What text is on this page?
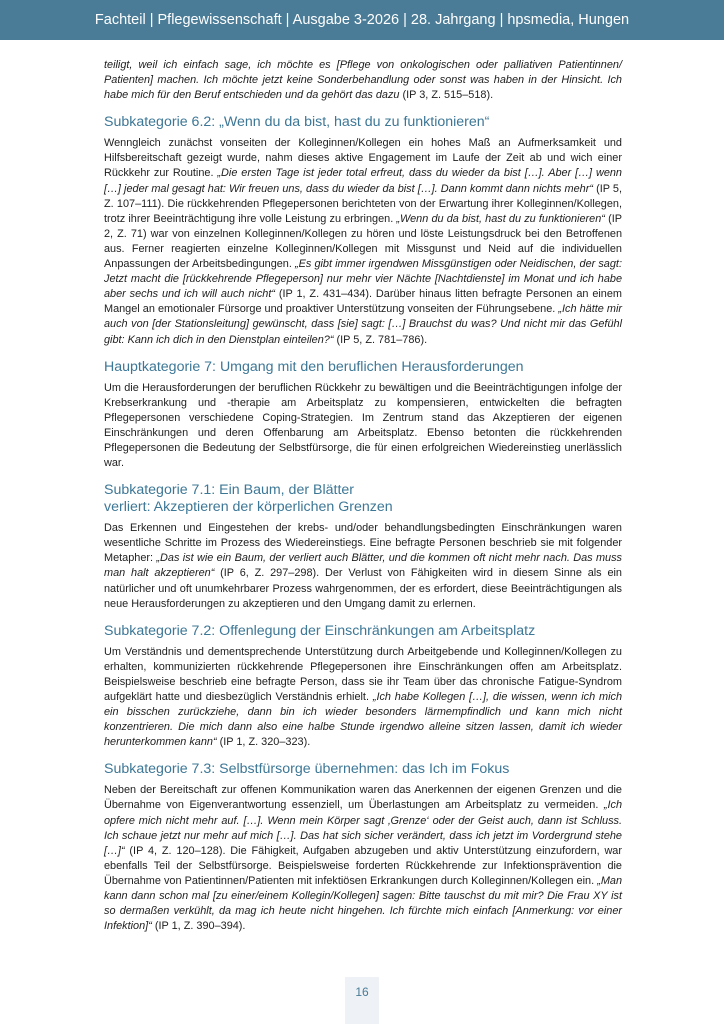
Fachteil | Pflegewissenschaft | Ausgabe 3-2026 | 28. Jahrgang | hpsmedia, Hungen

teiligt, weil ich einfach sage, ich möchte es [Pflege von onkologischen oder palliativen Patientinnen/ Patienten] machen. Ich möchte jetzt keine Sonderbehandlung oder sonst was haben in der Hinsicht. Ich habe mich für den Beruf entschieden und da gehört das dazu (IP 3, Z. 515–518).

Subkategorie 6.2: „Wenn du da bist, hast du zu funktionieren“

Wenngleich zunächst vonseiten der Kolleginnen/Kollegen ein hohes Maß an Aufmerksamkeit und Hilfsbereitschaft gezeigt wurde, nahm dieses aktive Engagement im Laufe der Zeit ab und wich einer Rückkehr zur Routine. „Die ersten Tage ist jeder total erfreut, dass du wieder da bist […]. Aber […] wenn […] jeder mal gesagt hat: Wir freuen uns, dass du wieder da bist […]. Dann kommt dann nichts mehr“ (IP 5, Z. 107–111). Die rückkehrenden Pflegepersonen berichteten von der Erwartung ihrer Kolleginnen/Kollegen, trotz ihrer Beeinträchtigung ihre volle Leistung zu erbringen. „Wenn du da bist, hast du zu funktionieren“ (IP 2, Z. 71) war von einzelnen Kolleginnen/Kollegen zu hören und löste Leistungsdruck bei den Betroffenen aus. Ferner reagierten einzelne Kolleginnen/Kollegen mit Missgunst und Neid auf die individuellen Anpassungen der Arbeitsbedingungen. „Es gibt immer irgendwen Missgünstigen oder Neidischen, der sagt: Jetzt macht die [rückkehrende Pflegeperson] nur mehr vier Nächte [Nachtdienste] im Monat und ich habe aber sechs und ich will auch nicht“ (IP 1, Z. 431–434). Darüber hinaus litten befragte Personen an einem Mangel an emotionaler Fürsorge und proaktiver Unterstützung vonseiten der Führungsebene. „Ich hätte mir auch von [der Stationsleitung] gewünscht, dass [sie] sagt: […] Brauchst du was? Und nicht mir das Gefühl gibt: Kann ich dich in den Dienstplan einteilen?“ (IP 5, Z. 781–786).

Hauptkategorie 7: Umgang mit den beruflichen Herausforderungen

Um die Herausforderungen der beruflichen Rückkehr zu bewältigen und die Beeinträchtigungen infolge der Krebserkrankung und -therapie am Arbeitsplatz zu kompensieren, entwickelten die befragten Pflegepersonen verschiedene Coping-Strategien. Im Zentrum stand das Akzeptieren der eigenen Einschränkungen und deren Offenbarung am Arbeitsplatz. Ebenso betonten die rückkehrenden Pflegepersonen die Bedeutung der Selbstfürsorge, die für einen erfolgreichen Wiedereinstieg unerlässlich war.

Subkategorie 7.1: Ein Baum, der Blätter verliert: Akzeptieren der körperlichen Grenzen

Das Erkennen und Eingestehen der krebs- und/oder behandlungsbedingten Einschränkungen waren wesentliche Schritte im Prozess des Wiedereinstiegs. Eine befragte Personen beschrieb sie mit folgender Metapher: „Das ist wie ein Baum, der verliert auch Blätter, und die kommen oft nicht mehr nach. Das muss man halt akzeptieren“ (IP 6, Z. 297–298). Der Verlust von Fähigkeiten wird in diesem Sinne als ein natürlicher und oft unumkehrbarer Prozess wahrgenommen, der es erfordert, diese Beeinträchtigungen als neue Herausforderungen zu akzeptieren und den Umgang damit zu erlernen.

Subkategorie 7.2: Offenlegung der Einschränkungen am Arbeitsplatz

Um Verständnis und dementsprechende Unterstützung durch Arbeitgebende und Kolleginnen/Kollegen zu erhalten, kommunizierten rückkehrende Pflegepersonen ihre Einschränkungen offen am Arbeitsplatz. Beispielsweise beschrieb eine befragte Person, dass sie ihr Team über das chronische Fatigue-Syndrom aufgeklärt hatte und diesbezüglich Verständnis erhielt. „Ich habe Kollegen […], die wissen, wenn ich mich ein bisschen zurückziehe, dann bin ich wieder besonders lärmempfindlich und kann mich nicht konzentrieren. Die mich dann also eine halbe Stunde irgendwo alleine sitzen lassen, damit ich wieder herunterkommen kann“ (IP 1, Z. 320–323).

Subkategorie 7.3: Selbstfürsorge übernehmen: das Ich im Fokus

Neben der Bereitschaft zur offenen Kommunikation waren das Anerkennen der eigenen Grenzen und die Übernahme von Eigenverantwortung essenziell, um Überlastungen am Arbeitsplatz zu vermeiden. „Ich opfere mich nicht mehr auf. […]. Wenn mein Körper sagt ‚Grenze‘ oder der Geist auch, dann ist Schluss. Ich schaue jetzt nur mehr auf mich […]. Das hat sich sicher verändert, dass ich jetzt im Vordergrund stehe […]“ (IP 4, Z. 120–128). Die Fähigkeit, Aufgaben abzugeben und aktiv Unterstützung einzufordern, war ebenfalls Teil der Selbstfürsorge. Beispielsweise forderten Rückkehrende zur Infektionsprävention die Übernahme von Patientinnen/Patienten mit infektiösen Erkrankungen durch Kolleginnen/Kollegen ein. „Man kann dann schon mal [zu einer/einem Kollegin/Kollegen] sagen: Bitte tauschst du mit mir? Die Frau XY ist so dermaßen verkühlt, da mag ich heute nicht hingehen. Ich fürchte mich einfach [Anmerkung: vor einer Infektion]“ (IP 1, Z. 390–394).

16
